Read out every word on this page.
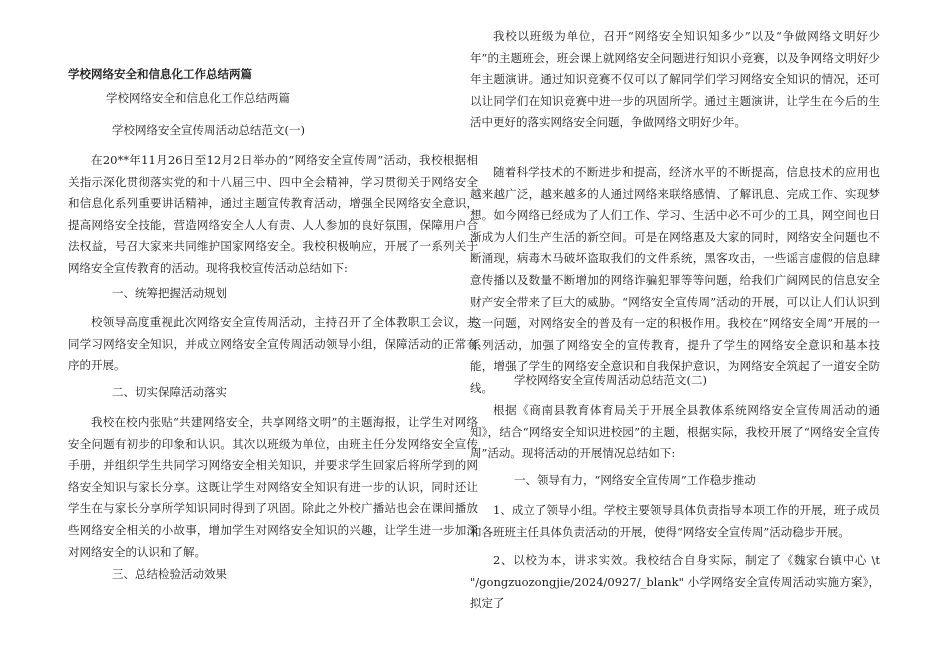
学校网络安全和信息化工作总结两篇

学校网络安全和信息化工作总结两篇

学校网络安全宣传周活动总结范文(一)

在20**年11月26日至12月2日举办的“网络安全宣传周”活动，我校根据相关指示深化贯彻落实党的和十八届三中、四中全会精神，学习贯彻关于网络安全和信息化系列重要讲话精神，通过主题宣传教育活动，增强全民网络安全意识，提高网络安全技能，营造网络安全人人有责、人人参加的良好氛围，保障用户合法权益，号召大家来共同维护国家网络安全。我校积极响应，开展了一系列关于网络安全宣传教育的活动。现将我校宣传活动总结如下:

一、统筹把握活动规划

校领导高度重视此次网络安全宣传周活动，主持召开了全体教职工会议，共同学习网络安全知识，并成立网络安全宣传周活动领导小组，保障活动的正常有序的开展。

二、切实保障活动落实

我校在校内张贴“共建网络安全，共享网络文明”的主题海报，让学生对网络安全问题有初步的印象和认识。其次以班级为单位，由班主任分发网络安全宣传手册，并组织学生共同学习网络安全相关知识，并要求学生回家后将所学到的网络安全知识与家长分享。这既让学生对网络安全知识有进一步的认识，同时还让学生在与家长分享所学知识同时得到了巩固。除此之外校广播站也会在课间播放些网络安全相关的小故事，增加学生对网络安全知识的兴趣，让学生进一步加深对网络安全的认识和了解。

三、总结检验活动效果

我校以班级为单位，召开“网络安全知识知多少”以及“争做网络文明好少年”的主题班会，班会课上就网络安全问题进行知识小竞赛，以及争网络文明好少年主题演讲。通过知识竞赛不仅可以了解同学们学习网络安全知识的情况，还可以让同学们在知识竞赛中进一步的巩固所学。通过主题演讲，让学生在今后的生活中更好的落实网络安全问题，争做网络文明好少年。

随着科学技术的不断进步和提高，经济水平的不断提高，信息技术的应用也越来越广泛，越来越多的人通过网络来联络感情、了解讯息、完成工作、实现梦想。如今网络已经成为了人们工作、学习、生活中必不可少的工具，网空间也日渐成为人们生产生活的新空间。可是在网络惠及大家的同时，网络安全问题也不断涌现，病毒木马破坏盗取我们的文件系统，黑客攻击，一些谣言虚假的信息肆意传播以及数量不断增加的网络诈骗犯罪等等问题，给我们广阔网民的信息安全财产安全带来了巨大的威胁。“网络安全宣传周”活动的开展，可以让人们认识到这一问题，对网络安全的普及有一定的积极作用。我校在“网络安全周”开展的一系列活动，加强了网络安全的宣传教育，提升了学生的网络安全意识和基本技能，增强了学生的网络安全意识和自我保护意识，为网络安全筑起了一道安全防线。

学校网络安全宣传周活动总结范文(二)

根据《商南县教育体育局关于开展全县教体系统网络安全宣传周活动的通知》，结合“网络安全知识进校园”的主题，根据实际，我校开展了“网络安全宣传周”活动。现将活动的开展情况总结如下:

一、领导有力，“网络安全宣传周”工作稳步推动

1、成立了领导小组。学校主要领导具体负责指导本项工作的开展，班子成员和各班班主任具体负责活动的开展，使得“网络安全宣传周”活动稳步开展。

2、以校为本，讲求实效。我校结合自身实际，制定了《魏家台镇中心 \t "/gongzuozongjie/2024/0927/_blank" 小学网络安全宣传周活动实施方案》，拟定了
